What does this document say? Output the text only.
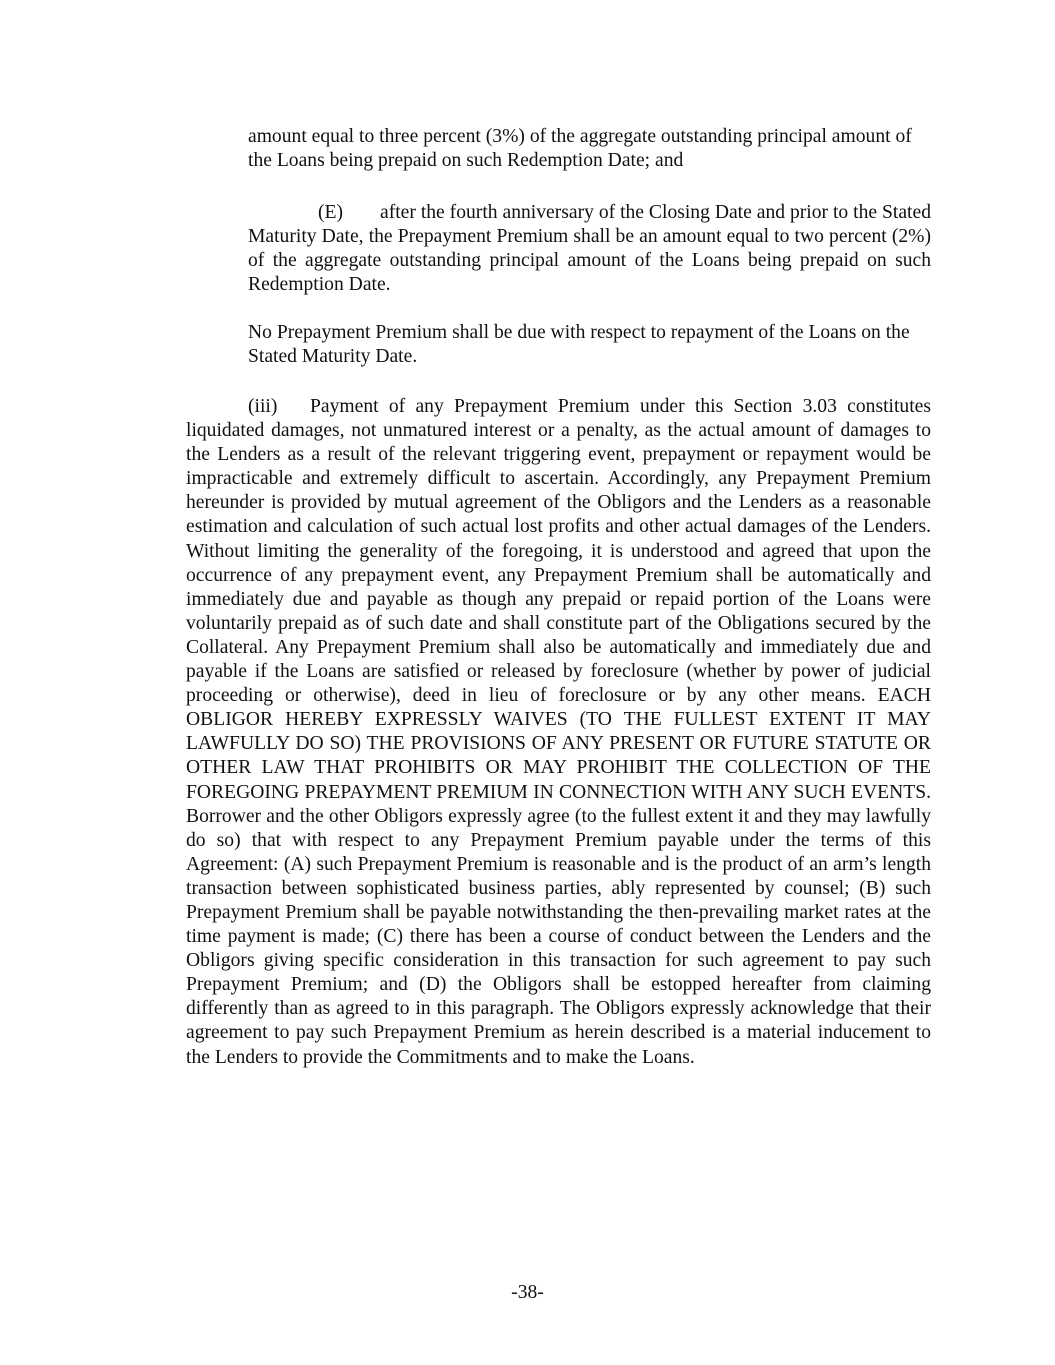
amount equal to three percent (3%) of the aggregate outstanding principal amount of the Loans being prepaid on such Redemption Date; and

(E) after the fourth anniversary of the Closing Date and prior to the Stated Maturity Date, the Prepayment Premium shall be an amount equal to two percent (2%) of the aggregate outstanding principal amount of the Loans being prepaid on such Redemption Date.

No Prepayment Premium shall be due with respect to repayment of the Loans on the Stated Maturity Date.

(iii) Payment of any Prepayment Premium under this Section 3.03 constitutes liquidated damages, not unmatured interest or a penalty, as the actual amount of damages to the Lenders as a result of the relevant triggering event, prepayment or repayment would be impracticable and extremely difficult to ascertain. Accordingly, any Prepayment Premium hereunder is provided by mutual agreement of the Obligors and the Lenders as a reasonable estimation and calculation of such actual lost profits and other actual damages of the Lenders. Without limiting the generality of the foregoing, it is understood and agreed that upon the occurrence of any prepayment event, any Prepayment Premium shall be automatically and immediately due and payable as though any prepaid or repaid portion of the Loans were voluntarily prepaid as of such date and shall constitute part of the Obligations secured by the Collateral. Any Prepayment Premium shall also be automatically and immediately due and payable if the Loans are satisfied or released by foreclosure (whether by power of judicial proceeding or otherwise), deed in lieu of foreclosure or by any other means. EACH OBLIGOR HEREBY EXPRESSLY WAIVES (TO THE FULLEST EXTENT IT MAY LAWFULLY DO SO) THE PROVISIONS OF ANY PRESENT OR FUTURE STATUTE OR OTHER LAW THAT PROHIBITS OR MAY PROHIBIT THE COLLECTION OF THE FOREGOING PREPAYMENT PREMIUM IN CONNECTION WITH ANY SUCH EVENTS. Borrower and the other Obligors expressly agree (to the fullest extent it and they may lawfully do so) that with respect to any Prepayment Premium payable under the terms of this Agreement: (A) such Prepayment Premium is reasonable and is the product of an arm’s length transaction between sophisticated business parties, ably represented by counsel; (B) such Prepayment Premium shall be payable notwithstanding the then-prevailing market rates at the time payment is made; (C) there has been a course of conduct between the Lenders and the Obligors giving specific consideration in this transaction for such agreement to pay such Prepayment Premium; and (D) the Obligors shall be estopped hereafter from claiming differently than as agreed to in this paragraph. The Obligors expressly acknowledge that their agreement to pay such Prepayment Premium as herein described is a material inducement to the Lenders to provide the Commitments and to make the Loans.

-38-
